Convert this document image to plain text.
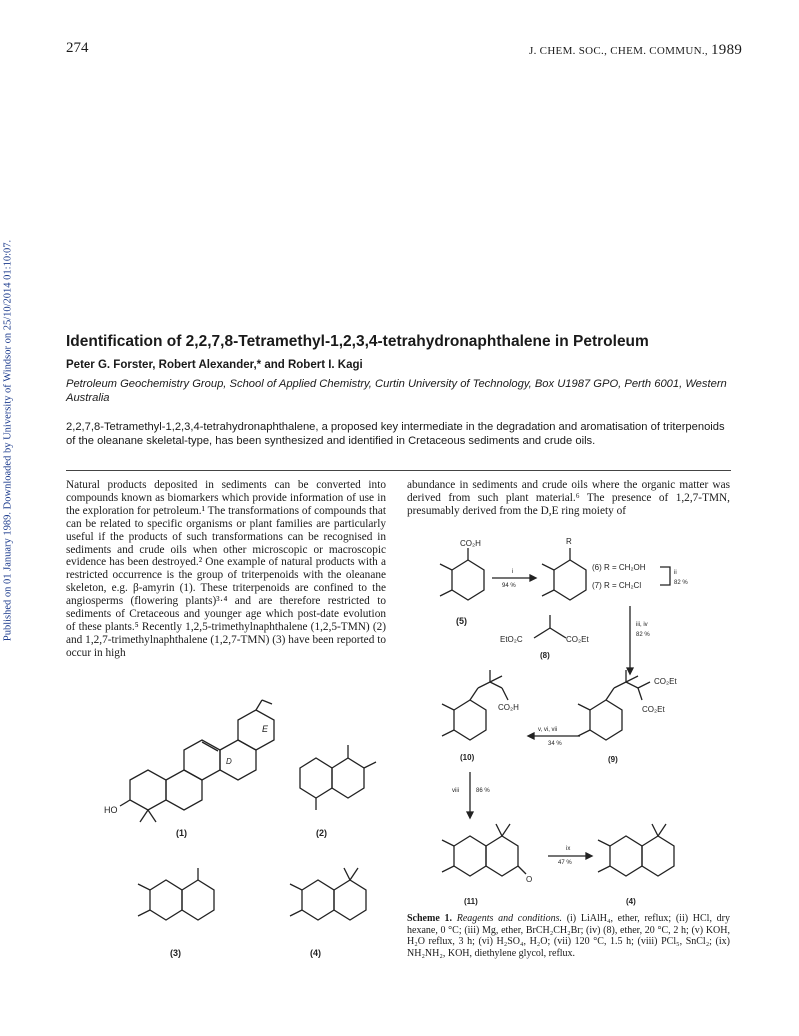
274	J. CHEM. SOC., CHEM. COMMUN., 1989
Published on 01 January 1989. Downloaded by University of Windsor on 25/10/2014 01:10:07.	Identification of 2,2,7,8-Tetramethyl-1,2,3,4-tetrahydronaphthalene in Petroleum
Peter G. Forster, Robert Alexander,* and Robert I. Kagi
Petroleum Geochemistry Group, School of Applied Chemistry, Curtin University of Technology, Box U1987 GPO, Perth 6001, Western Australia
2,2,7,8-Tetramethyl-1,2,3,4-tetrahydronaphthalene, a proposed key intermediate in the degradation and aromatisation of triterpenoids of the oleanane skeletal-type, has been synthesized and identified in Cretaceous sediments and crude oils.
Natural products deposited in sediments can be converted into compounds known as biomarkers which provide information of use in the exploration for petroleum.¹ The transformations of compounds that can be related to specific organisms or plant families are particularly useful if the products of such transformations can be recognised in sediments and crude oils when other microscopic or macroscopic evidence has been destroyed.² One example of natural products with a restricted occurrence is the group of triterpenoids with the oleanane skeleton, e.g. β-amyrin (1). These triterpenoids are confined to the angiosperms (flowering plants)³·⁴ and are therefore restricted to sediments of Cretaceous and younger age which post-date evolution of these plants.⁵ Recently 1,2,5-trimethylnaphthalene (1,2,5-TMN) (2) and 1,2,7-trimethylnaphthalene (1,2,7-TMN) (3) have been reported to occur in high
abundance in sediments and crude oils where the organic matter was derived from such plant material.⁶ The presence of 1,2,7-TMN, presumably derived from the D,E ring moiety of
HO
E
D
(1)	(2)
(3)	(4)
CO₂H
(5)
i
94 %
R
(6) R = CH₂OH
(7) R = CH₂Cl
ii
82 %
EtO₂C	CO₂Et
(8)
iii, iv
82 %
CO₂Et
CO₂Et
(9)
v, vi, vii
34 %
CO₂H
(10)
viii	86 %
O
(11)
ix
47 %
(4)
Scheme 1. Reagents and conditions. (i) LiAlH₄, ether, reflux; (ii) HCl, dry hexane, 0 °C; (iii) Mg, ether, BrCH₂CH₂Br; (iv) (8), ether, 20 °C, 2 h; (v) KOH, H₂O reflux, 3 h; (vi) H₂SO₄, H₂O; (vii) 120 °C, 1.5 h; (viii) PCl₅, SnCl₂; (ix) NH₂NH₂, KOH, diethylene glycol, reflux.
